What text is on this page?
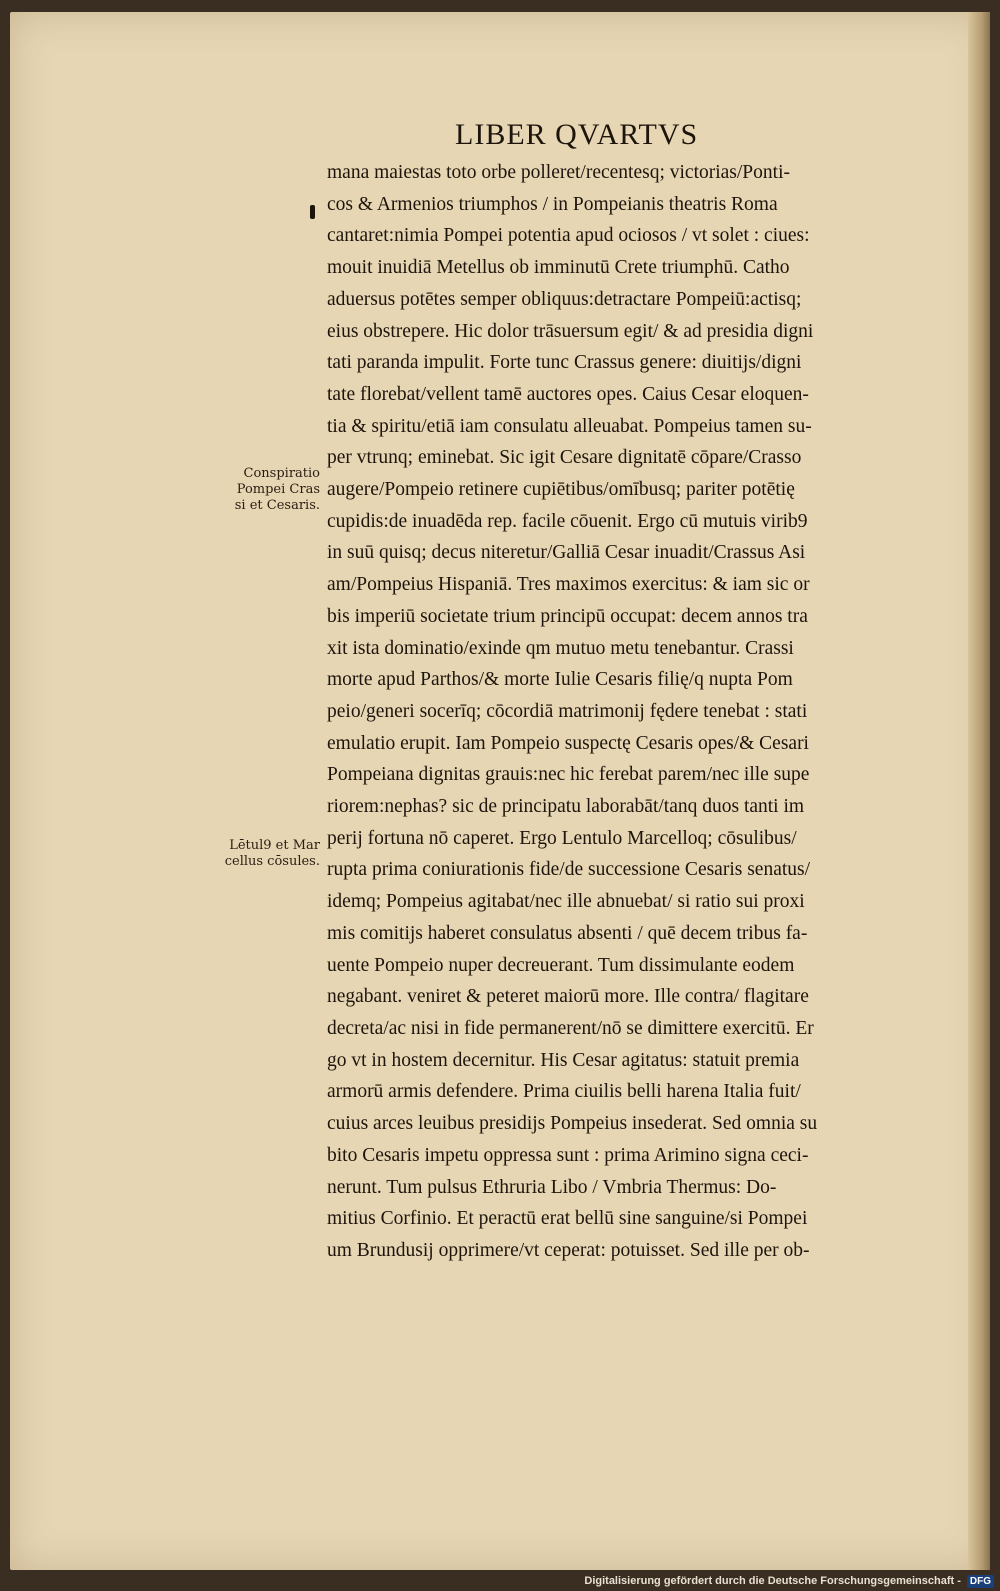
LIBER QVARTVS
mana maiestas toto orbe polleret/recentesq; victorias/Ponti-
cos & Armenios triumphos / in Pompeianis theatris Roma
cantaret:nimia Pompei potentia apud ociosos / vt solet : ciues:
mouit inuidiā Metellus ob imminutū Crete triumphū. Catho
aduersus potētes semper obliquus:detractare Pompeiū:actisq;
eius obstrepere. Hic dolor trāsuersum egit/ & ad presidia digni
tati paranda impulit. Forte tunc Crassus genere: diuitijs/digni
tate florebat/vellent tamē auctores opes. Caius Cesar eloquen-
tia & spiritu/etiā iam consulatu alleuabat. Pompeius tamen su-
per vtrunq; eminebat. Sic igit Cesare dignitatē cōpare/Crasso
augere/Pompeio retinere cupiētibus/omībusq; pariter potētię
cupidis:de inuadēda rep. facile cōuenit. Ergo cū mutuis virib9
in suū quisq; decus niteretur/Galliā Cesar inuadit/Crassus Asi
am/Pompeius Hispaniā. Tres maximos exercitus: & iam sic or
bis imperiū societate trium principū occupat: decem annos tra
xit ista dominatio/exinde qm mutuo metu tenebantur. Crassi
morte apud Parthos/& morte Iulie Cesaris filię/q nupta Pom
peio/generi socerīq; cōcordiā matrimonij fędere tenebat : stati
emulatio erupit. Iam Pompeio suspectę Cesaris opes/& Cesari
Pompeiana dignitas grauis:nec hic ferebat parem/nec ille supe
riorem:nephas? sic de principatu laborabāt/tanq duos tanti im
perij fortuna nō caperet. Ergo Lentulo Marcelloq; cōsulibus/
rupta prima coniurationis fide/de successione Cesaris senatus/
idemq; Pompeius agitabat/nec ille abnuebat/ si ratio sui proxi
mis comitijs haberet consulatus absenti / quē decem tribus fa-
uente Pompeio nuper decreuerant. Tum dissimulante eodem
negabant. veniret & peteret maiorū more. Ille contra/ flagitare
decreta/ac nisi in fide permanerent/nō se dimittere exercitū. Er
go vt in hostem decernitur. His Cesar agitatus: statuit premia
armorū armis defendere. Prima ciuilis belli harena Italia fuit/
cuius arces leuibus presidijs Pompeius insederat. Sed omnia su
bito Cesaris impetu oppressa sunt : prima Arimino signa ceci-
nerunt. Tum pulsus Ethruria Libo / Vmbria Thermus: Do-
mitius Corfinio. Et peractū erat bellū sine sanguine/si Pompei
um Brundusij opprimere/vt ceperat: potuisset. Sed ille per ob-
Conspiratio
Pompei Cras
si et Cesaris.
Lētul9 et Mar
cellus cōsules.
Digitalisierung gefördert durch die Deutsche Forschungsgemeinschaft - DFG
